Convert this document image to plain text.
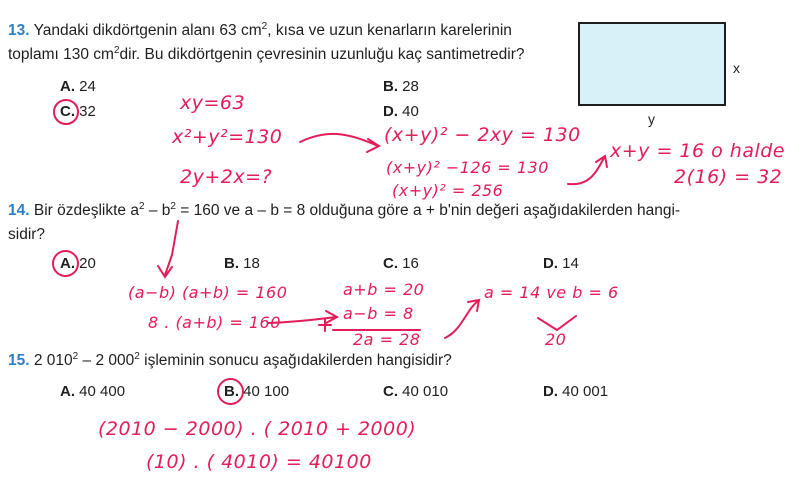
13. Yandaki dikdörtgenin alanı 63 $cm^2$, kısa ve uzun kenarların karelerinin
toplamı 130 $cm^2dir$. Bu dikdörtgenin çevresinin uzunluğu kaç santimetredir?
x
y
A. 24	B. 28
C. 32	D. 40
xy=63
x²+y²=130
2y+2x=?
(x+y)² − 2xy = 130
(x+y)² −126 = 130
(x+y)² = 256
x+y = 16 o halde
2(16) = 32
14. Bir özdeşlikte $a^2 - b^2 = 160$ ve a – b = 8 olduğuna göre a + b'nin değeri aşağıdakilerden hangi-
sidir?
A. 20	B. 18	C. 16	D. 14
(a−b) (a+b) = 160
8 . (a+b) = 160
a+b = 20
a−b = 8
2a = 28
a = 14 ve b = 6
20
15. 2 $010^2 - 2$ $000^2$ işleminin sonucu aşağıdakilerden hangisidir?
A. 40 400	B. 40 100	C. 40 010	D. 40 001
(2010 − 2000) . ( 2010 + 2000)
(10) . ( 4010) = 40100
